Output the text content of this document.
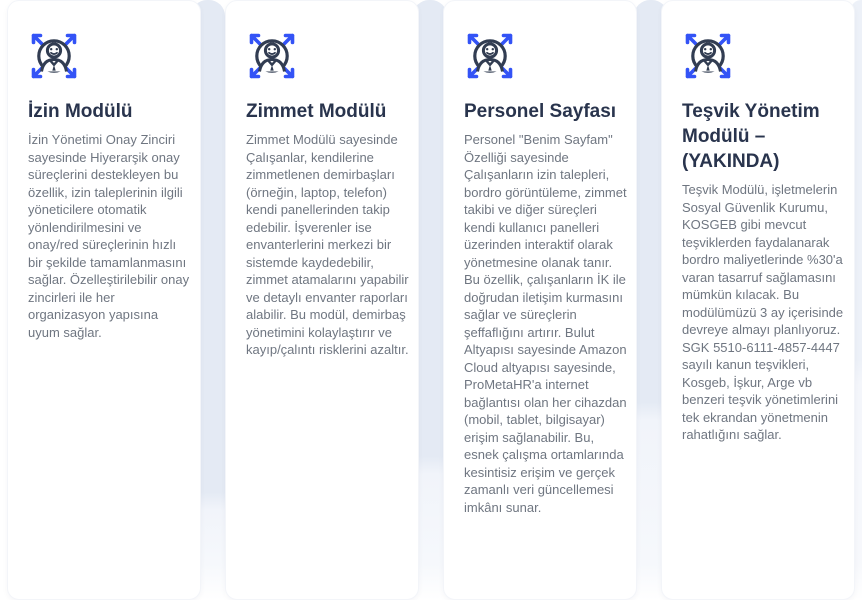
İzin Modülü

İzin Yönetimi Onay Zinciri sayesinde Hiyerarşik onay süreçlerini destekleyen bu özellik, izin taleplerinin ilgili yöneticilere otomatik yönlendirilmesini ve onay/red süreçlerinin hızlı bir şekilde tamamlanmasını sağlar. Özelleştirilebilir onay zincirleri ile her organizasyon yapısına uyum sağlar.

Zimmet Modülü

Zimmet Modülü sayesinde Çalışanlar, kendilerine zimmetlenen demirbaşları (örneğin, laptop, telefon) kendi panellerinden takip edebilir. İşverenler ise envanterlerini merkezi bir sistemde kaydedebilir, zimmet atamalarını yapabilir ve detaylı envanter raporları alabilir. Bu modül, demirbaş yönetimini kolaylaştırır ve kayıp/çalıntı risklerini azaltır.

Personel Sayfası

Personel "Benim Sayfam" Özelliği sayesinde Çalışanların izin talepleri, bordro görüntüleme, zimmet takibi ve diğer süreçleri kendi kullanıcı panelleri üzerinden interaktif olarak yönetmesine olanak tanır. Bu özellik, çalışanların İK ile doğrudan iletişim kurmasını sağlar ve süreçlerin şeffaflığını artırır. Bulut Altyapısı sayesinde Amazon Cloud altyapısı sayesinde, ProMetaHR'a internet bağlantısı olan her cihazdan (mobil, tablet, bilgisayar) erişim sağlanabilir. Bu, esnek çalışma ortamlarında kesintisiz erişim ve gerçek zamanlı veri güncellemesi imkânı sunar.

Teşvik Yönetim Modülü – (YAKINDA)

Teşvik Modülü, işletmelerin Sosyal Güvenlik Kurumu, KOSGEB gibi mevcut teşviklerden faydalanarak bordro maliyetlerinde %30'a varan tasarruf sağlamasını mümkün kılacak. Bu modülümüzü 3 ay içerisinde devreye almayı planlıyoruz. SGK 5510-6111-4857-4447 sayılı kanun teşvikleri, Kosgeb, İşkur, Arge vb benzeri teşvik yönetimlerini tek ekrandan yönetmenin rahatlığını sağlar.
